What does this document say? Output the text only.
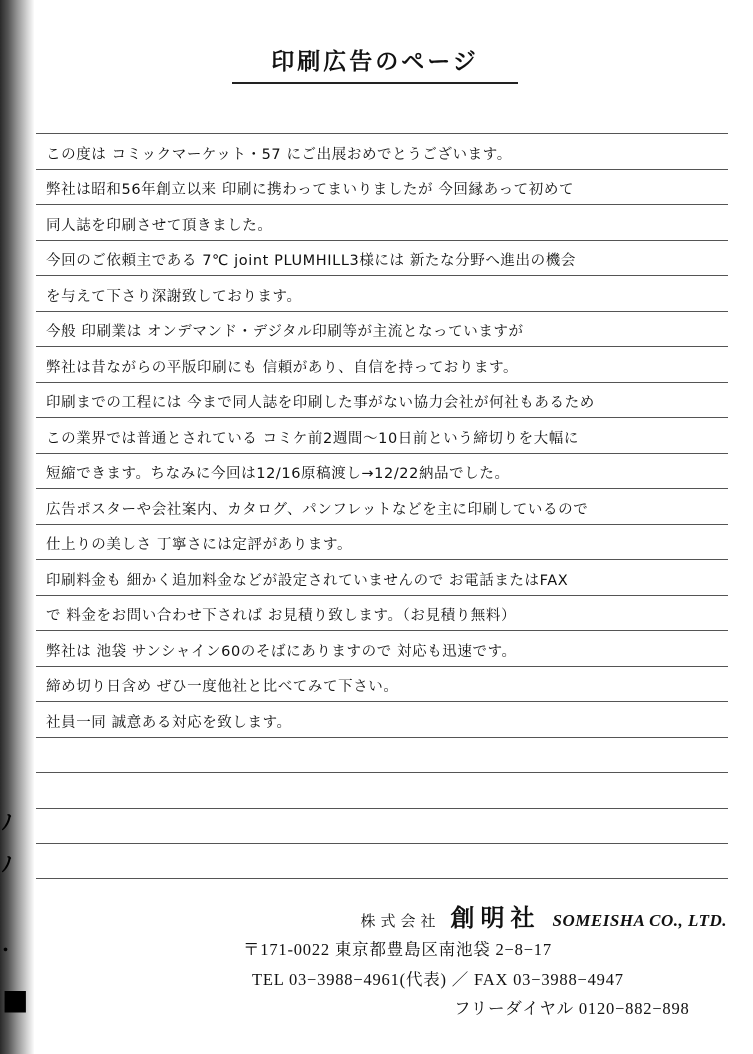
ﾉ
ﾉ
.
■
印刷広告のページ
この度は コミックマーケット・57 にご出展おめでとうございます。
弊社は昭和56年創立以来 印刷に携わってまいりましたが 今回縁あって初めて
同人誌を印刷させて頂きました。
今回のご依頼主である 7℃ joint PLUMHILL3様には 新たな分野へ進出の機会
を与えて下さり深謝致しております。
今般 印刷業は オンデマンド・デジタル印刷等が主流となっていますが
弊社は昔ながらの平版印刷にも 信頼があり、自信を持っております。
印刷までの工程には 今まで同人誌を印刷した事がない協力会社が何社もあるため
この業界では普通とされている コミケ前2週間～10日前という締切りを大幅に
短縮できます。ちなみに今回は12/16原稿渡し→12/22納品でした。
広告ポスターや会社案内、カタログ、パンフレットなどを主に印刷しているので
仕上りの美しさ 丁寧さには定評があります。
印刷料金も 細かく追加料金などが設定されていませんので お電話またはFAX
で 料金をお問い合わせ下されば お見積り致します。（お見積り無料）
弊社は 池袋 サンシャイン60のそばにありますので 対応も迅速です。
締め切り日含め ぜひ一度他社と比べてみて下さい。
社員一同 誠意ある対応を致します。
株式会社 創明社 SOMEISHA CO., LTD.
〒171-0022 東京都豊島区南池袋 2−8−17
TEL 03−3988−4961(代表) ／ FAX 03−3988−4947
フリーダイヤル 0120−882−898
